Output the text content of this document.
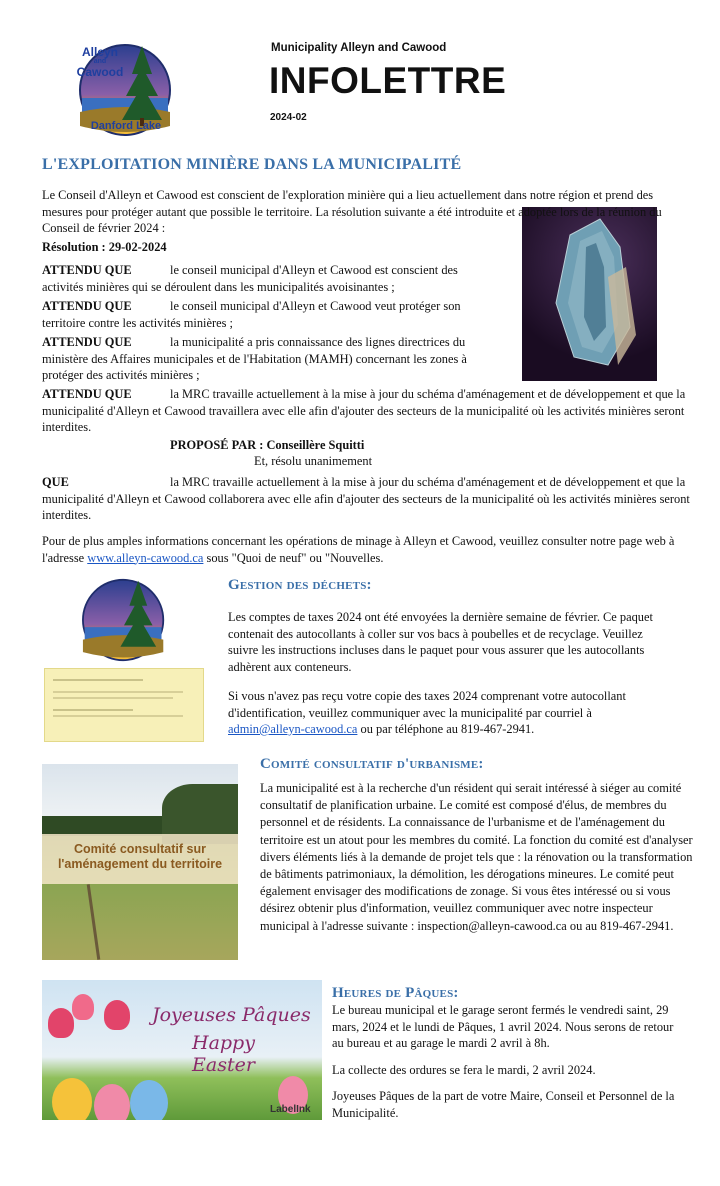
Alleyn
and
Cawood
Danford Lake
Municipality Alleyn and Cawood
INFOLETTRE
2024-02
L'EXPLOITATION MINIÈRE DANS LA MUNICIPALITÉ

Le Conseil d'Alleyn et Cawood est conscient de l'exploration minière qui a lieu actuellement dans notre région et prend des mesures pour protéger autant que possible le territoire. La résolution suivante a été introduite et adoptée lors de la réunion du Conseil de février 2024 :

Résolution : 29-02-2024

ATTENDU QUE	le conseil municipal d'Alleyn et Cawood est conscient des activités minières qui se déroulent dans les municipalités avoisinantes ;
ATTENDU QUE	le conseil municipal d'Alleyn et Cawood veut protéger son territoire contre les activités minières ;
ATTENDU QUE	la municipalité a pris connaissance des lignes directrices du ministère des Affaires municipales et de l'Habitation (MAMH) concernant les zones à protéger des activités minières ;
ATTENDU QUE	la MRC travaille actuellement à la mise à jour du schéma d'aménagement et de développement et que la municipalité d'Alleyn et Cawood travaillera avec elle afin d'ajouter des secteurs de la municipalité où les activités minières seront interdites.
PROPOSÉ PAR : Conseillère Squitti
Et, résolu unanimement
QUE	la MRC travaille actuellement à la mise à jour du schéma d'aménagement et de développement et que la municipalité d'Alleyn et Cawood collaborera avec elle afin d'ajouter des secteurs de la municipalité où les activités minières seront interdites.
Pour de plus amples informations concernant les opérations de minage à Alleyn et Cawood, veuillez consulter notre page web à l'adresse www.alleyn-cawood.ca sous "Quoi de neuf" ou "Nouvelles.
Gestion des déchets:

Les comptes de taxes 2024 ont été envoyées la dernière semaine de février. Ce paquet contenait des autocollants à coller sur vos bacs à poubelles et de recyclage. Veuillez suivre les instructions incluses dans le paquet pour vous assurer que les autocollants adhèrent aux conteneurs.

Si vous n'avez pas reçu votre copie des taxes 2024 comprenant votre autocollant d'identification, veuillez communiquer avec la municipalité par courriel à admin@alleyn-cawood.ca ou par téléphone au 819-467-2941.

Comité consultatif sur l'aménagement du territoire
Comité consultatif d'urbanisme:

La municipalité est à la recherche d'un résident qui serait intéressé à siéger au comité consultatif de planification urbaine. Le comité est composé d'élus, de membres du personnel et de résidents. La connaissance de l'urbanisme et de l'aménagement du territoire est un atout pour les membres du comité. La fonction du comité est d'analyser divers éléments liés à la demande de projet tels que : la rénovation ou la transformation de bâtiments patrimoniaux, la démolition, les dérogations mineures. Le comité peut également envisager des modifications de zonage. Si vous êtes intéressé ou si vous désirez obtenir plus d'information, veuillez communiquer avec notre inspecteur municipal à l'adresse suivante : inspection@alleyn-cawood.ca ou au 819-467-2941.

Joyeuses Pâques
Happy Easter
LabelInk
Heures de Pâques:

Le bureau municipal et le garage seront fermés le vendredi saint, 29 mars, 2024 et le lundi de Pâques, 1 avril 2024. Nous serons de retour au bureau et au garage le mardi 2 avril à 8h.

La collecte des ordures se fera le mardi, 2 avril 2024.

Joyeuses Pâques de la part de votre Maire, Conseil et Personnel de la Municipalité.
